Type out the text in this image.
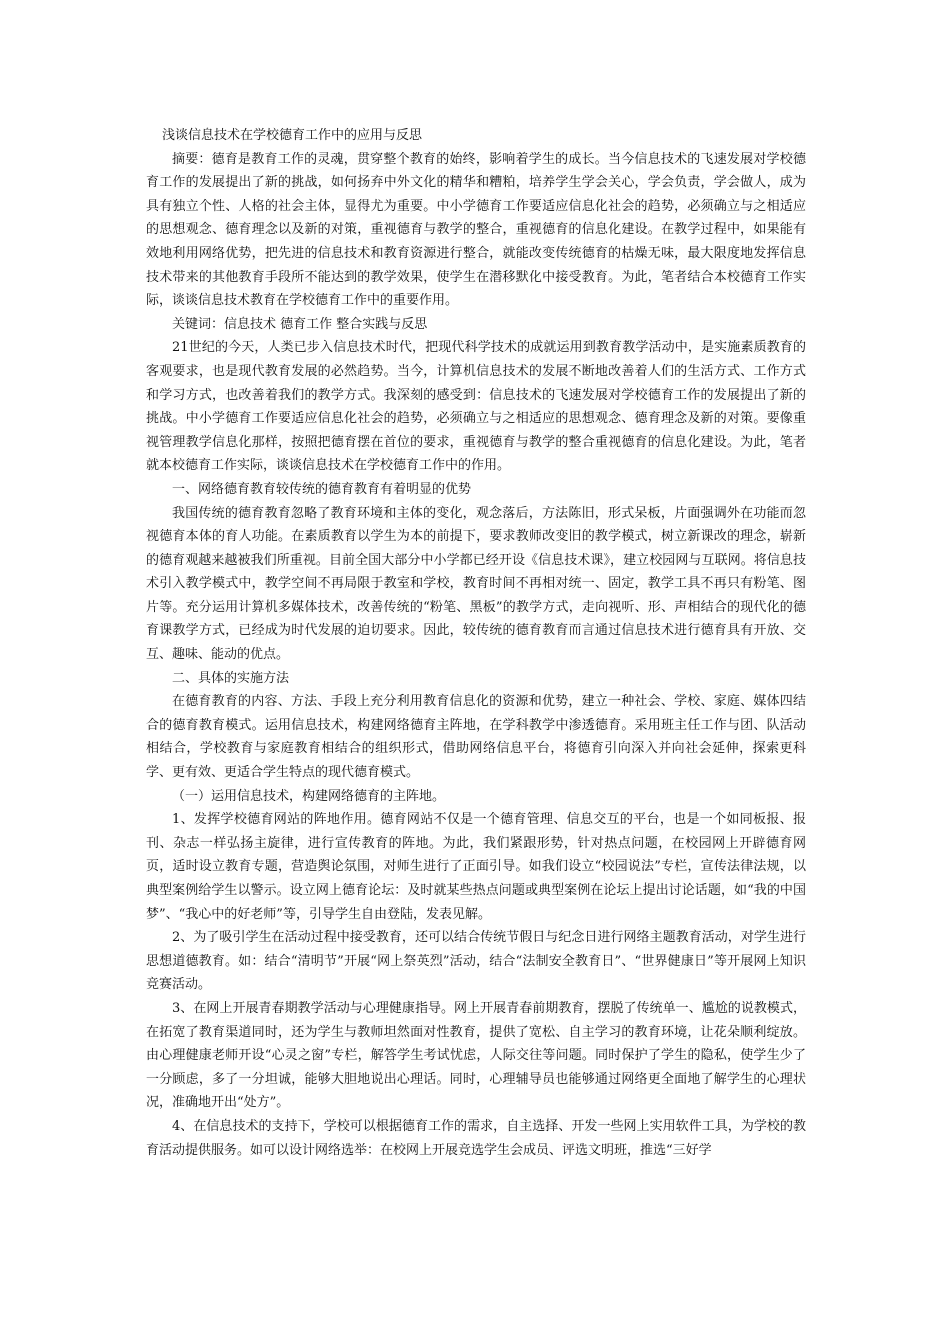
浅谈信息技术在学校德育工作中的应用与反思

摘要：德育是教育工作的灵魂，贯穿整个教育的始终，影响着学生的成长。当今信息技术的飞速发展对学校德育工作的发展提出了新的挑战，如何扬弃中外文化的精华和糟粕，培养学生学会关心，学会负责，学会做人，成为具有独立个性、人格的社会主体，显得尤为重要。中小学德育工作要适应信息化社会的趋势，必须确立与之相适应的思想观念、德育理念以及新的对策，重视德育与教学的整合，重视德育的信息化建设。在教学过程中，如果能有效地利用网络优势，把先进的信息技术和教育资源进行整合，就能改变传统德育的枯燥无味，最大限度地发挥信息技术带来的其他教育手段所不能达到的教学效果，使学生在潜移默化中接受教育。为此，笔者结合本校德育工作实际，谈谈信息技术教育在学校德育工作中的重要作用。

关键词：信息技术 德育工作 整合实践与反思

21世纪的今天，人类已步入信息技术时代，把现代科学技术的成就运用到教育教学活动中，是实施素质教育的客观要求，也是现代教育发展的必然趋势。当今，计算机信息技术的发展不断地改善着人们的生活方式、工作方式和学习方式，也改善着我们的教学方式。我深刻的感受到：信息技术的飞速发展对学校德育工作的发展提出了新的挑战。中小学德育工作要适应信息化社会的趋势，必须确立与之相适应的思想观念、德育理念及新的对策。要像重视管理教学信息化那样，按照把德育摆在首位的要求，重视德育与教学的整合重视德育的信息化建设。为此，笔者就本校德育工作实际，谈谈信息技术在学校德育工作中的作用。

一、网络德育教育较传统的德育教育有着明显的优势

我国传统的德育教育忽略了教育环境和主体的变化，观念落后，方法陈旧，形式呆板，片面强调外在功能而忽视德育本体的育人功能。在素质教育以学生为本的前提下，要求教师改变旧的教学模式，树立新课改的理念，崭新的德育观越来越被我们所重视。目前全国大部分中小学都已经开设《信息技术课》，建立校园网与互联网。将信息技术引入教学模式中，教学空间不再局限于教室和学校，教育时间不再相对统一、固定，教学工具不再只有粉笔、图片等。充分运用计算机多媒体技术，改善传统的“粉笔、黑板”的教学方式，走向视听、形、声相结合的现代化的德育课教学方式，已经成为时代发展的迫切要求。因此，较传统的德育教育而言通过信息技术进行德育具有开放、交互、趣味、能动的优点。

二、具体的实施方法

在德育教育的内容、方法、手段上充分利用教育信息化的资源和优势，建立一种社会、学校、家庭、媒体四结合的德育教育模式。运用信息技术，构建网络德育主阵地，在学科教学中渗透德育。采用班主任工作与团、队活动相结合，学校教育与家庭教育相结合的组织形式，借助网络信息平台，将德育引向深入并向社会延伸，探索更科学、更有效、更适合学生特点的现代德育模式。

（一）运用信息技术，构建网络德育的主阵地。

1、发挥学校德育网站的阵地作用。德育网站不仅是一个德育管理、信息交互的平台，也是一个如同板报、报刊、杂志一样弘扬主旋律，进行宣传教育的阵地。为此，我们紧跟形势，针对热点问题，在校园网上开辟德育网页，适时设立教育专题，营造舆论氛围，对师生进行了正面引导。如我们设立“校园说法”专栏，宣传法律法规，以典型案例给学生以警示。设立网上德育论坛：及时就某些热点问题或典型案例在论坛上提出讨论话题，如“我的中国梦”、“我心中的好老师”等，引导学生自由登陆，发表见解。

2、为了吸引学生在活动过程中接受教育，还可以结合传统节假日与纪念日进行网络主题教育活动，对学生进行思想道德教育。如：结合“清明节”开展“网上祭英烈”活动，结合“法制安全教育日”、“世界健康日”等开展网上知识竞赛活动。

3、在网上开展青春期教学活动与心理健康指导。网上开展青春前期教育，摆脱了传统单一、尴尬的说教模式，在拓宽了教育渠道同时，还为学生与教师坦然面对性教育，提供了宽松、自主学习的教育环境，让花朵顺利绽放。由心理健康老师开设“心灵之窗”专栏，解答学生考试忧虑，人际交往等问题。同时保护了学生的隐私，使学生少了一分顾虑，多了一分坦诚，能够大胆地说出心理话。同时，心理辅导员也能够通过网络更全面地了解学生的心理状况，准确地开出“处方”。

4、在信息技术的支持下，学校可以根据德育工作的需求，自主选择、开发一些网上实用软件工具，为学校的教育活动提供服务。如可以设计网络选举：在校网上开展竞选学生会成员、评选文明班，推选“三好学
